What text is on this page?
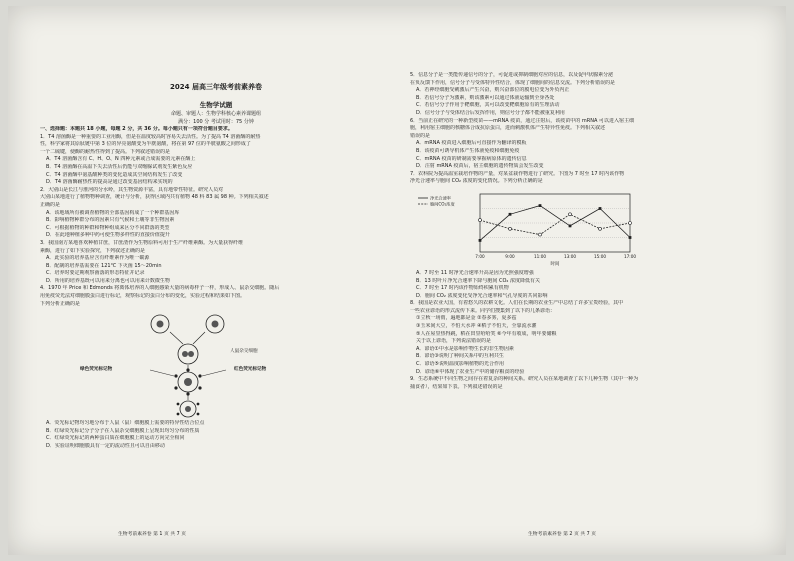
2024 届高三年级考前素养卷
生物学试题
命题、审题人：生物学科核心素养课题组
满分：100 分 考试用时：75 分钟
一、选择题：本题共 18 小题，每题 2 分，共 36 分。每小题只有一项符合题目要求。
1．T4 溶菌酶是一种重要的工业用酶，但是在温度较高时容易失去活性。为了提高 T4 溶菌酶的耐热
性，科学家将其原肽链中第 3 位的异亮氨酸变为半胱氨酸，将在第 97 位的半胱氨酸之间形成了
一个二硫键，使酶的耐热性得到了提高。下列叙述错误的是
A．T4 溶菌酶含有 C、H、O、N 四种元素或合成需要的元素在酶上
B．T4 溶菌酶在高温下失去活性后仍能与双缩脲试剂发生紫色反应
C．T4 溶菌酶中氨基酸种类的变化造成其空间结构发生了改变
D．T4 溶菌酶耐热性的提高是通过改变基因结构来实现的
2．大别山是长江与淮河的分水岭，其生物资源丰富，具有地带性特征。研究人员对
大别山某地进行了植物物种调查，统计与分析，获得区域内共有植物 48 科 83 属 98 种。下列相关叙述
正确的是
A．该地域所有被调查植物的全部基因构成了一个种群基因库
B．影响植物种群分布的因素只有气候和土壤等非生物因素
C．可根据植物的种群和物种组成来区分不同群落的类型
D．在此地种植多种中药可使生物多样性的直接价值提升
3．我国南方某地喜欢种植甘蔗，甘蔗渣作为生物原料可用于生产纤维素酶。为大量获得纤维
素酶，进行了如下实验探究，下列叙述正确的是
A．此实验的培养基应含有纤维素作为唯一碳源
B．配制的培养基需要在 121℃ 下灭菌 15～20min
C．培养时要定期观察菌落的形态特征并记录
D．所用的培养基既可以用来分离也可以用来计数微生物
4．1970 年 Price 和 Edmonds 将离体培养的人细胞感染大量的病毒样子一样，形成人、鼠杂交细胞。随后
用免疫荧光法对细胞膜蛋白进行标记，观察标记的蛋白分布的变化，实验过程和结果如下图。
下列分析正确的是
绿色荧光标记物	红色荧光标记物
人鼠杂交细胞
A．荧光标记物均匀地分布于人鼠（鼠）细胞膜上需要的特异性结合位点
B．红绿荧光标记分子分子在人鼠杂交细胞膜上呈现出均匀分布的性质
C．红绿荧光标记的两种蛋白质在细胞膜上的运动方向完全相同
D．实验证明细胞膜具有一定的流动性且可以自由移动
5．信息分子是一类能传递信号的分子，可促进或抑制细胞对应的信息，以及促甲状腺素分泌
在负反馈下作用，信号分子与受体特异性结合，体现了细胞间的信息交流。下列分析错误的是
A．若神经细胞受刺激后产生兴奋，则兴奋部位的膜电位变为外负内正
B．若信号分子为激素，则该激素可以通过体液运输到全身各处
C．若信号分子作用于靶细胞，其可以改变靶细胞原有的生理活动
D．信号分子与受体结合后发挥作用，则信号分子都不能被重复利用
6．当前正在研究的一种新型疫苗——mRNA 疫苗，通过注射后，该疫苗中的 mRNA 可以进入宿主细
胞，利用宿主细胞的核糖体合成抗原蛋白，进而刺激机体产生特异性免疫。下列相关叙述
错误的是
A．mRNA 疫苗进入细胞后可直接作为翻译的模板
B．该疫苗可诱导机体产生体液免疫和细胞免疫
C．mRNA 疫苗的研制需要掌握病原体的遗传信息
D．注射 mRNA 疫苗后，宿主细胞的遗传物质会发生改变
7．农科院为提高温室栽培作物的产量，对某盆栽作物进行了研究。下图为 7 时至 17 时内该作物
净光合速率与胞间 CO₂ 浓度的变化情况。下列分析正确的是
7:00	9:00	11:00	13:00	15:00	17:00
时间
净光合速率
胞间CO₂浓度
A．7 时至 11 时净光合速率升高是因为光照强度增强
B．13 时叶片净光合速率下降与胞间 CO₂ 浓度降低有关
C．7 时至 17 时内该作物始终积累有机物
D．胞间 CO₂ 浓度变化受净光合速率和气孔导度的共同影响
8．我国是农业大国，有着悠久的农耕文化。人们在长期的农业生产中总结了许多宝贵经验，其中
一些农业谚语的形式流传下来。同学们搜集到了以下的几条谚语：
①立秋一场雨，遍地都是金 ②春多雾，夏多雹
③玉米间大豆，不怕大水冲 ④稻子不怕天，全靠流水灌
⑤人在屋里热得跳，稻在田里哈哈笑 ⑥今年有收成，明年要储粮
关于以上谚语，下列说法错误的是
A．谚语①中水是影响作物生长的非生物因素
B．谚语③说明了种间关系中的互利共生
C．谚语⑤说明温度影响植物的光合作用
D．谚语⑥中体现了农业生产中的储存粮食的经验
9．生态系统中不同生物之间存在着复杂的种间关系。研究人员在某地调查了以下几种生物（其中一种为
捕食者），结果如下表。下列叙述错误的是
生物考前素养卷 第 1 页 共 7 页	生物考前素养卷 第 2 页 共 7 页
